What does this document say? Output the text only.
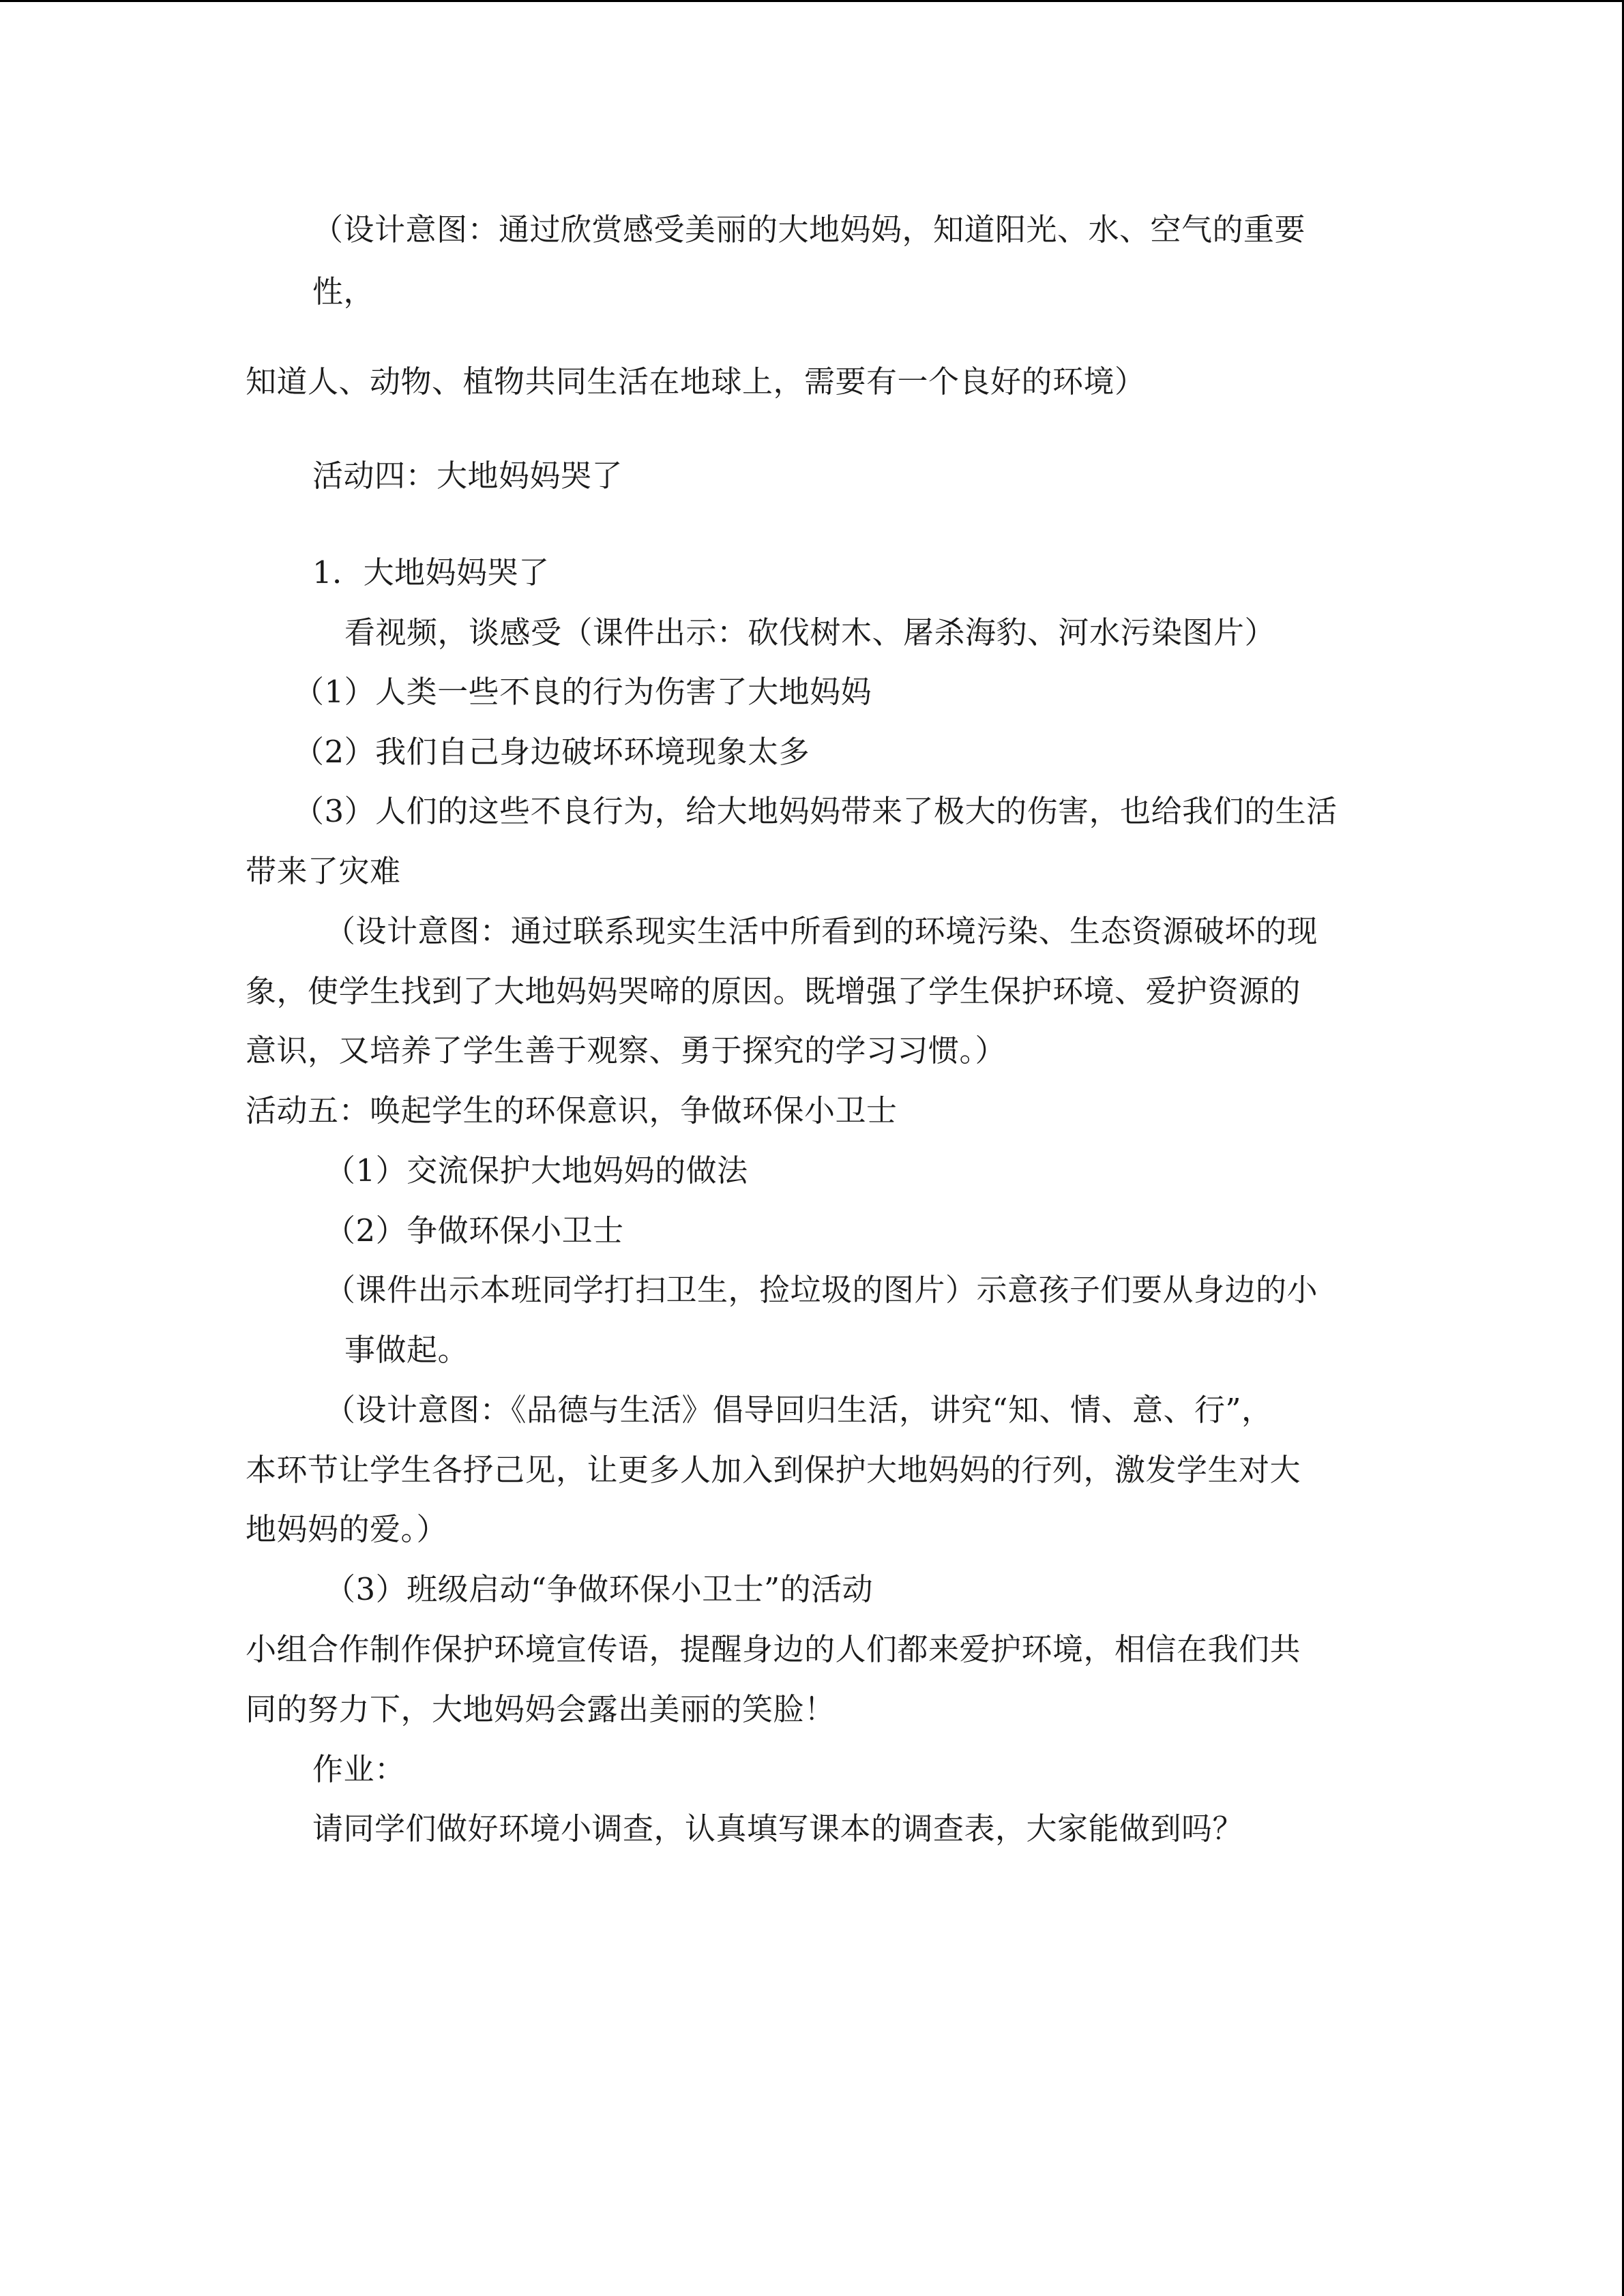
（设计意图：通过欣赏感受美丽的大地妈妈，知道阳光、水、空气的重要
性，
知道人、动物、植物共同生活在地球上，需要有一个良好的环境）
活动四：大地妈妈哭了
1．大地妈妈哭了
看视频，谈感受（课件出示：砍伐树木、屠杀海豹、河水污染图片）
（1）人类一些不良的行为伤害了大地妈妈
（2）我们自己身边破坏环境现象太多
（3）人们的这些不良行为，给大地妈妈带来了极大的伤害，也给我们的生活
带来了灾难
（设计意图：通过联系现实生活中所看到的环境污染、生态资源破坏的现
象，使学生找到了大地妈妈哭啼的原因。既增强了学生保护环境、爱护资源的
意识，又培养了学生善于观察、勇于探究的学习习惯。）
活动五：唤起学生的环保意识，争做环保小卫士
（1）交流保护大地妈妈的做法
（2）争做环保小卫士
（课件出示本班同学打扫卫生，捡垃圾的图片）示意孩子们要从身边的小
事做起。
（设计意图：《品德与生活》倡导回归生活，讲究“知、情、意、行”，
本环节让学生各抒己见，让更多人加入到保护大地妈妈的行列，激发学生对大
地妈妈的爱。）
（3）班级启动“争做环保小卫士”的活动
小组合作制作保护环境宣传语，提醒身边的人们都来爱护环境，相信在我们共
同的努力下，大地妈妈会露出美丽的笑脸！
作业：
请同学们做好环境小调查，认真填写课本的调查表，大家能做到吗？
